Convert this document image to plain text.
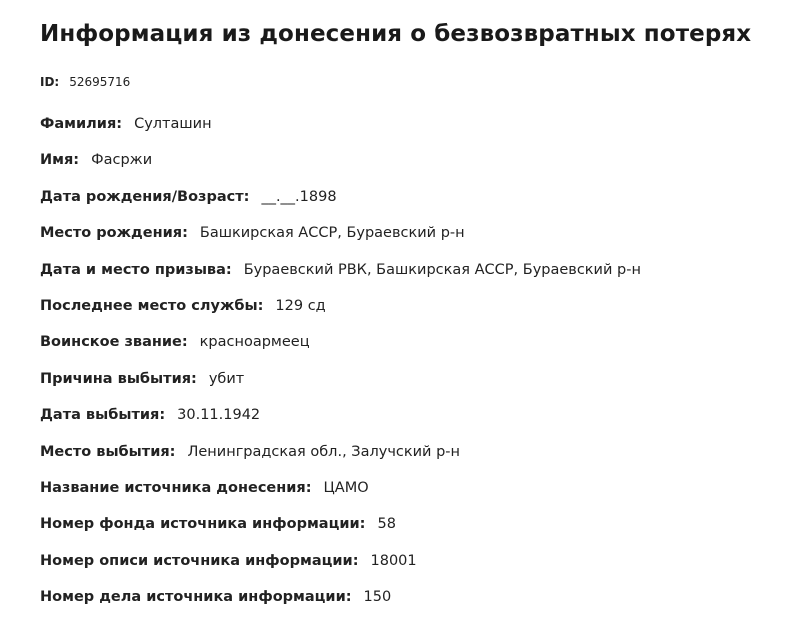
Информация из донесения о безвозвратных потерях
ID: 52695716
Фамилия: Султашин
Имя: Фасржи
Дата рождения/Возраст: __.__.1898
Место рождения: Башкирская АССР, Бураевский р-н
Дата и место призыва: Бураевский РВК, Башкирская АССР, Бураевский р-н
Последнее место службы: 129 сд
Воинское звание: красноармеец
Причина выбытия: убит
Дата выбытия: 30.11.1942
Место выбытия: Ленинградская обл., Залучский р-н
Название источника донесения: ЦАМО
Номер фонда источника информации: 58
Номер описи источника информации: 18001
Номер дела источника информации: 150
